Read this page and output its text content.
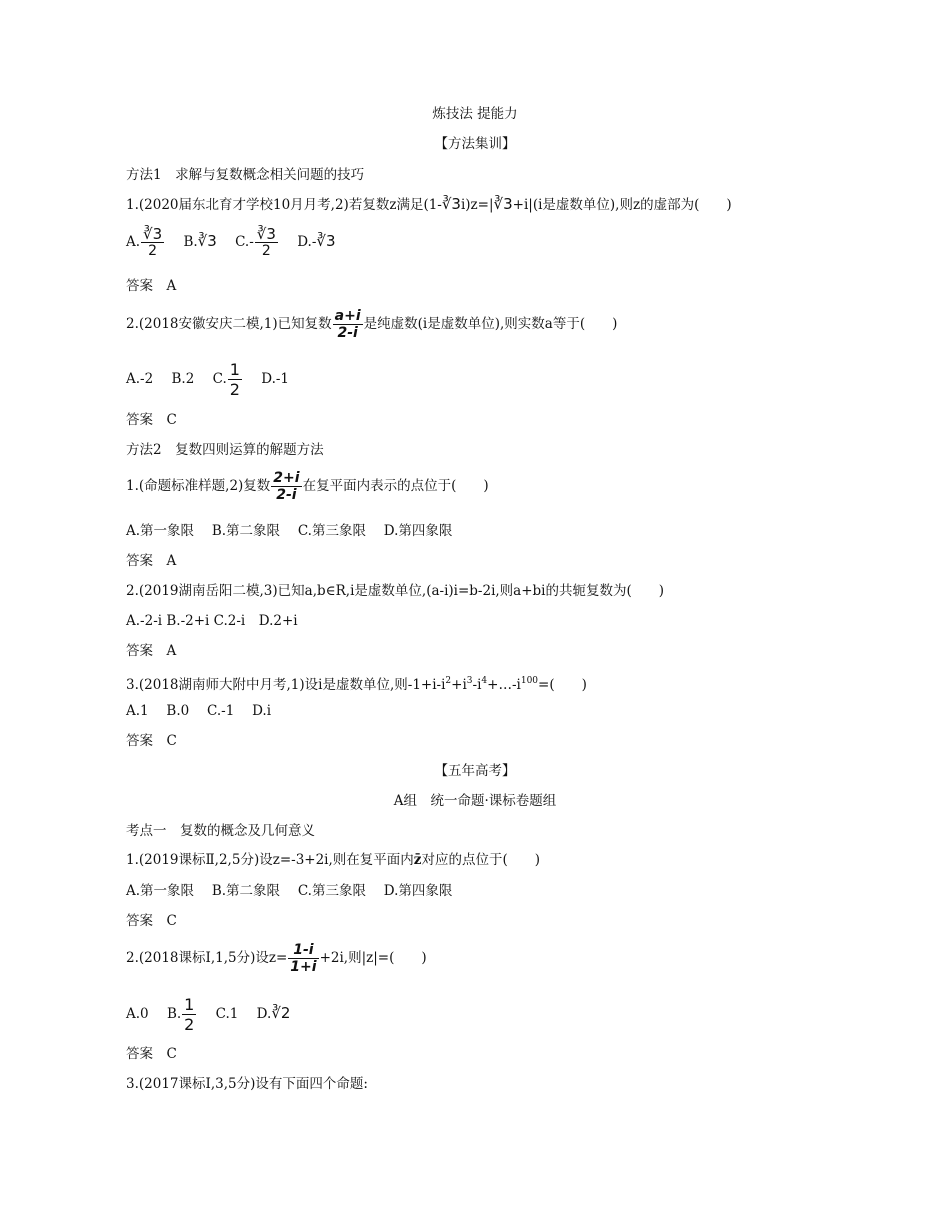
炼技法 提能力
【方法集训】
方法1　求解与复数概念相关问题的技巧
1.(2020届东北育才学校10月月考,2)若复数z满足(1-∛3i)z=|∛3+i|(i是虚数单位),则z的虚部为(　　)
A. $\frac{∛3}{2}$ B.∛3 $C.- \frac{∛3}{2}$ D.-∛3
答案　A
2.(2018安徽安庆二模,1)已知复数 $\frac{a+i}{2-i}$ 是纯虚数(i是虚数单位),则实数a等于(　　)
A.-2 B.2 C. $\frac{1}{2} D.-1$
答案　C
方法2　复数四则运算的解题方法
1.(命题标准样题,2)复数 $\frac{2+i}{2-i}$ 在复平面内表示的点位于(　　)
A.第一象限　 B.第二象限　 C.第三象限　 D.第四象限
答案　A
2.(2019湖南岳阳二模,3)已知a,b∈R,i是虚数单位,(a-i)i=b-2i,则a+bi的共轭复数为(　　)
A.-2-i B.-2+i C.2-i　D.2+i
答案　A
3.(2018湖南师大附中月考,1)设i是虚数单位,则$-1+i-i^2+i^3-i^4+\dots-i^{100}=$(　　)
A.1　 B.0　 C.-1　 D.i
答案　C
【五年高考】
A组　统一命题·课标卷题组
考点一　复数的概念及几何意义
1.(2019课标Ⅱ,2,5分)设z=-3+2i,则在复平面内z̄对应的点位于(　　)
A.第一象限　 B.第二象限　 C.第三象限　 D.第四象限
答案　C
2.(2018课标Ⅰ,1,5分)设$z= \frac{1-i}{1+i} +2i$,则|z|=(　　)
A.0 B. $\frac{1}{2} C.1$ D.∛2
答案　C
3.(2017课标Ⅰ,3,5分)设有下面四个命题:
